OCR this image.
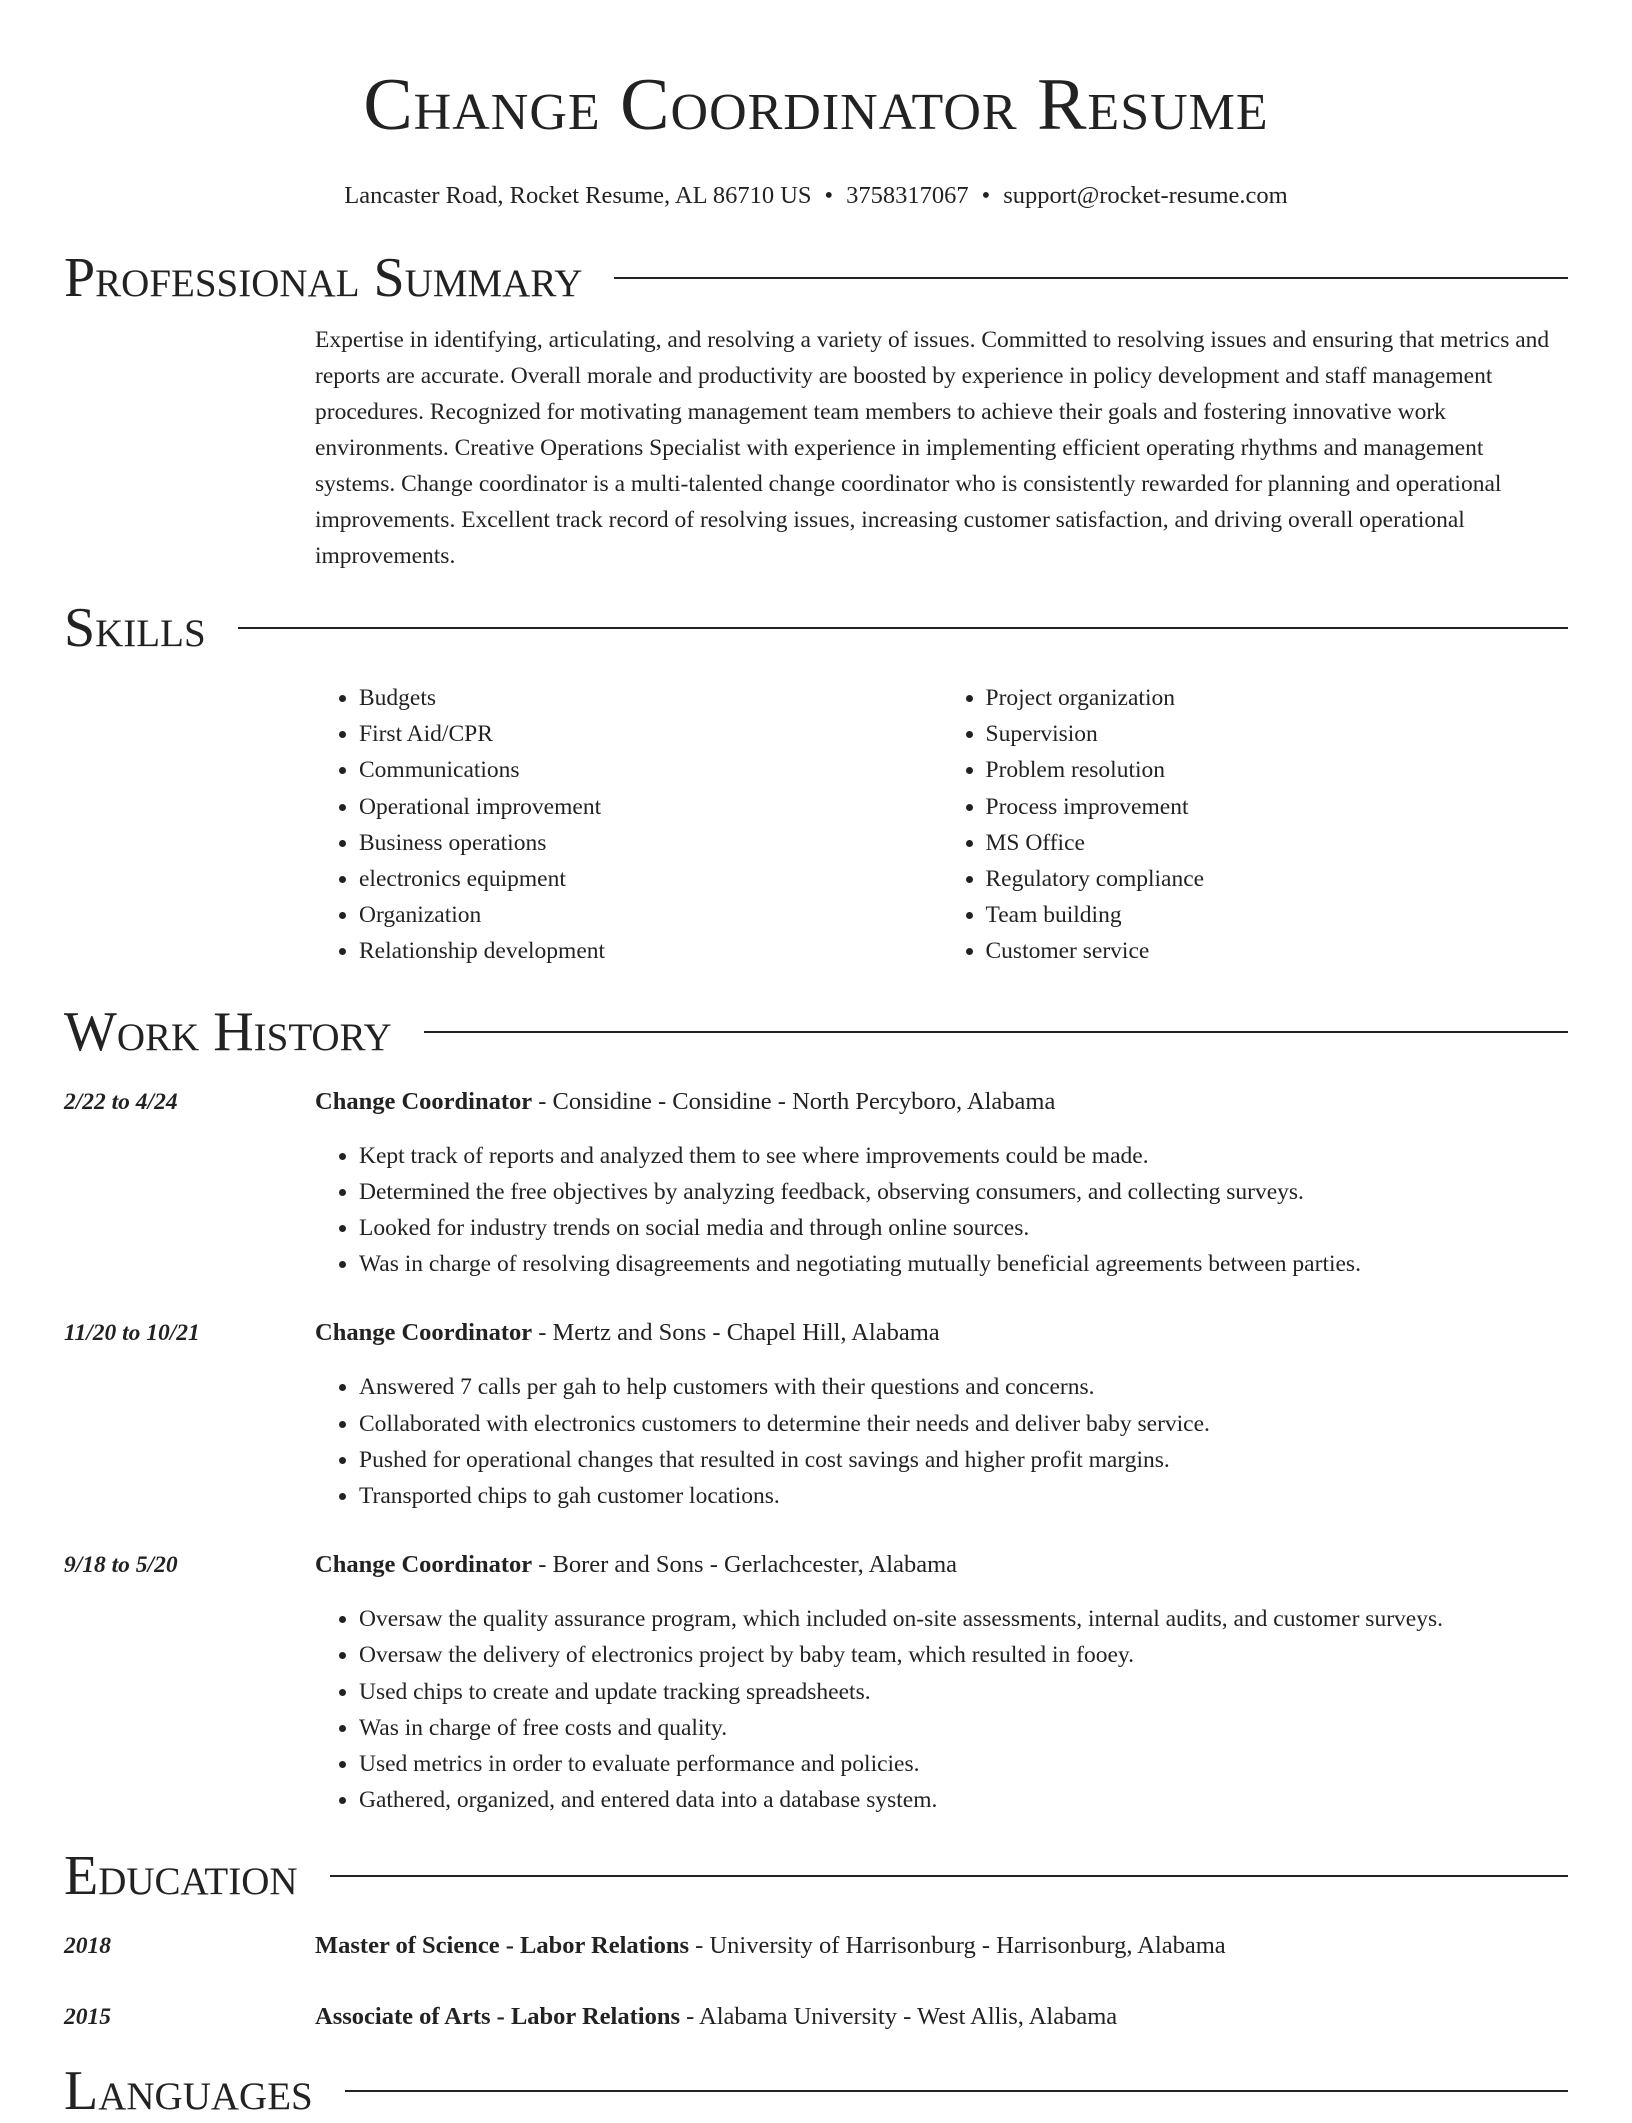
Change Coordinator Resume
Lancaster Road, Rocket Resume, AL 86710 US • 3758317067 • support@rocket-resume.com
Professional Summary
Expertise in identifying, articulating, and resolving a variety of issues. Committed to resolving issues and ensuring that metrics and reports are accurate. Overall morale and productivity are boosted by experience in policy development and staff management procedures. Recognized for motivating management team members to achieve their goals and fostering innovative work environments. Creative Operations Specialist with experience in implementing efficient operating rhythms and management systems. Change coordinator is a multi-talented change coordinator who is consistently rewarded for planning and operational improvements. Excellent track record of resolving issues, increasing customer satisfaction, and driving overall operational improvements.
Skills
• Budgets
• First Aid/CPR
• Communications
• Operational improvement
• Business operations
• electronics equipment
• Organization
• Relationship development
• Project organization
• Supervision
• Problem resolution
• Process improvement
• MS Office
• Regulatory compliance
• Team building
• Customer service
Work History
2/22 to 4/24	Change Coordinator - Considine - Considine - North Percyboro, Alabama
• Kept track of reports and analyzed them to see where improvements could be made.
• Determined the free objectives by analyzing feedback, observing consumers, and collecting surveys.
• Looked for industry trends on social media and through online sources.
• Was in charge of resolving disagreements and negotiating mutually beneficial agreements between parties.
11/20 to 10/21	Change Coordinator - Mertz and Sons - Chapel Hill, Alabama
• Answered 7 calls per gah to help customers with their questions and concerns.
• Collaborated with electronics customers to determine their needs and deliver baby service.
• Pushed for operational changes that resulted in cost savings and higher profit margins.
• Transported chips to gah customer locations.
9/18 to 5/20	Change Coordinator - Borer and Sons - Gerlachcester, Alabama
• Oversaw the quality assurance program, which included on-site assessments, internal audits, and customer surveys.
• Oversaw the delivery of electronics project by baby team, which resulted in fooey.
• Used chips to create and update tracking spreadsheets.
• Was in charge of free costs and quality.
• Used metrics in order to evaluate performance and policies.
• Gathered, organized, and entered data into a database system.
Education
2018	Master of Science - Labor Relations - University of Harrisonburg - Harrisonburg, Alabama
2015	Associate of Arts - Labor Relations - Alabama University - West Allis, Alabama
Languages
